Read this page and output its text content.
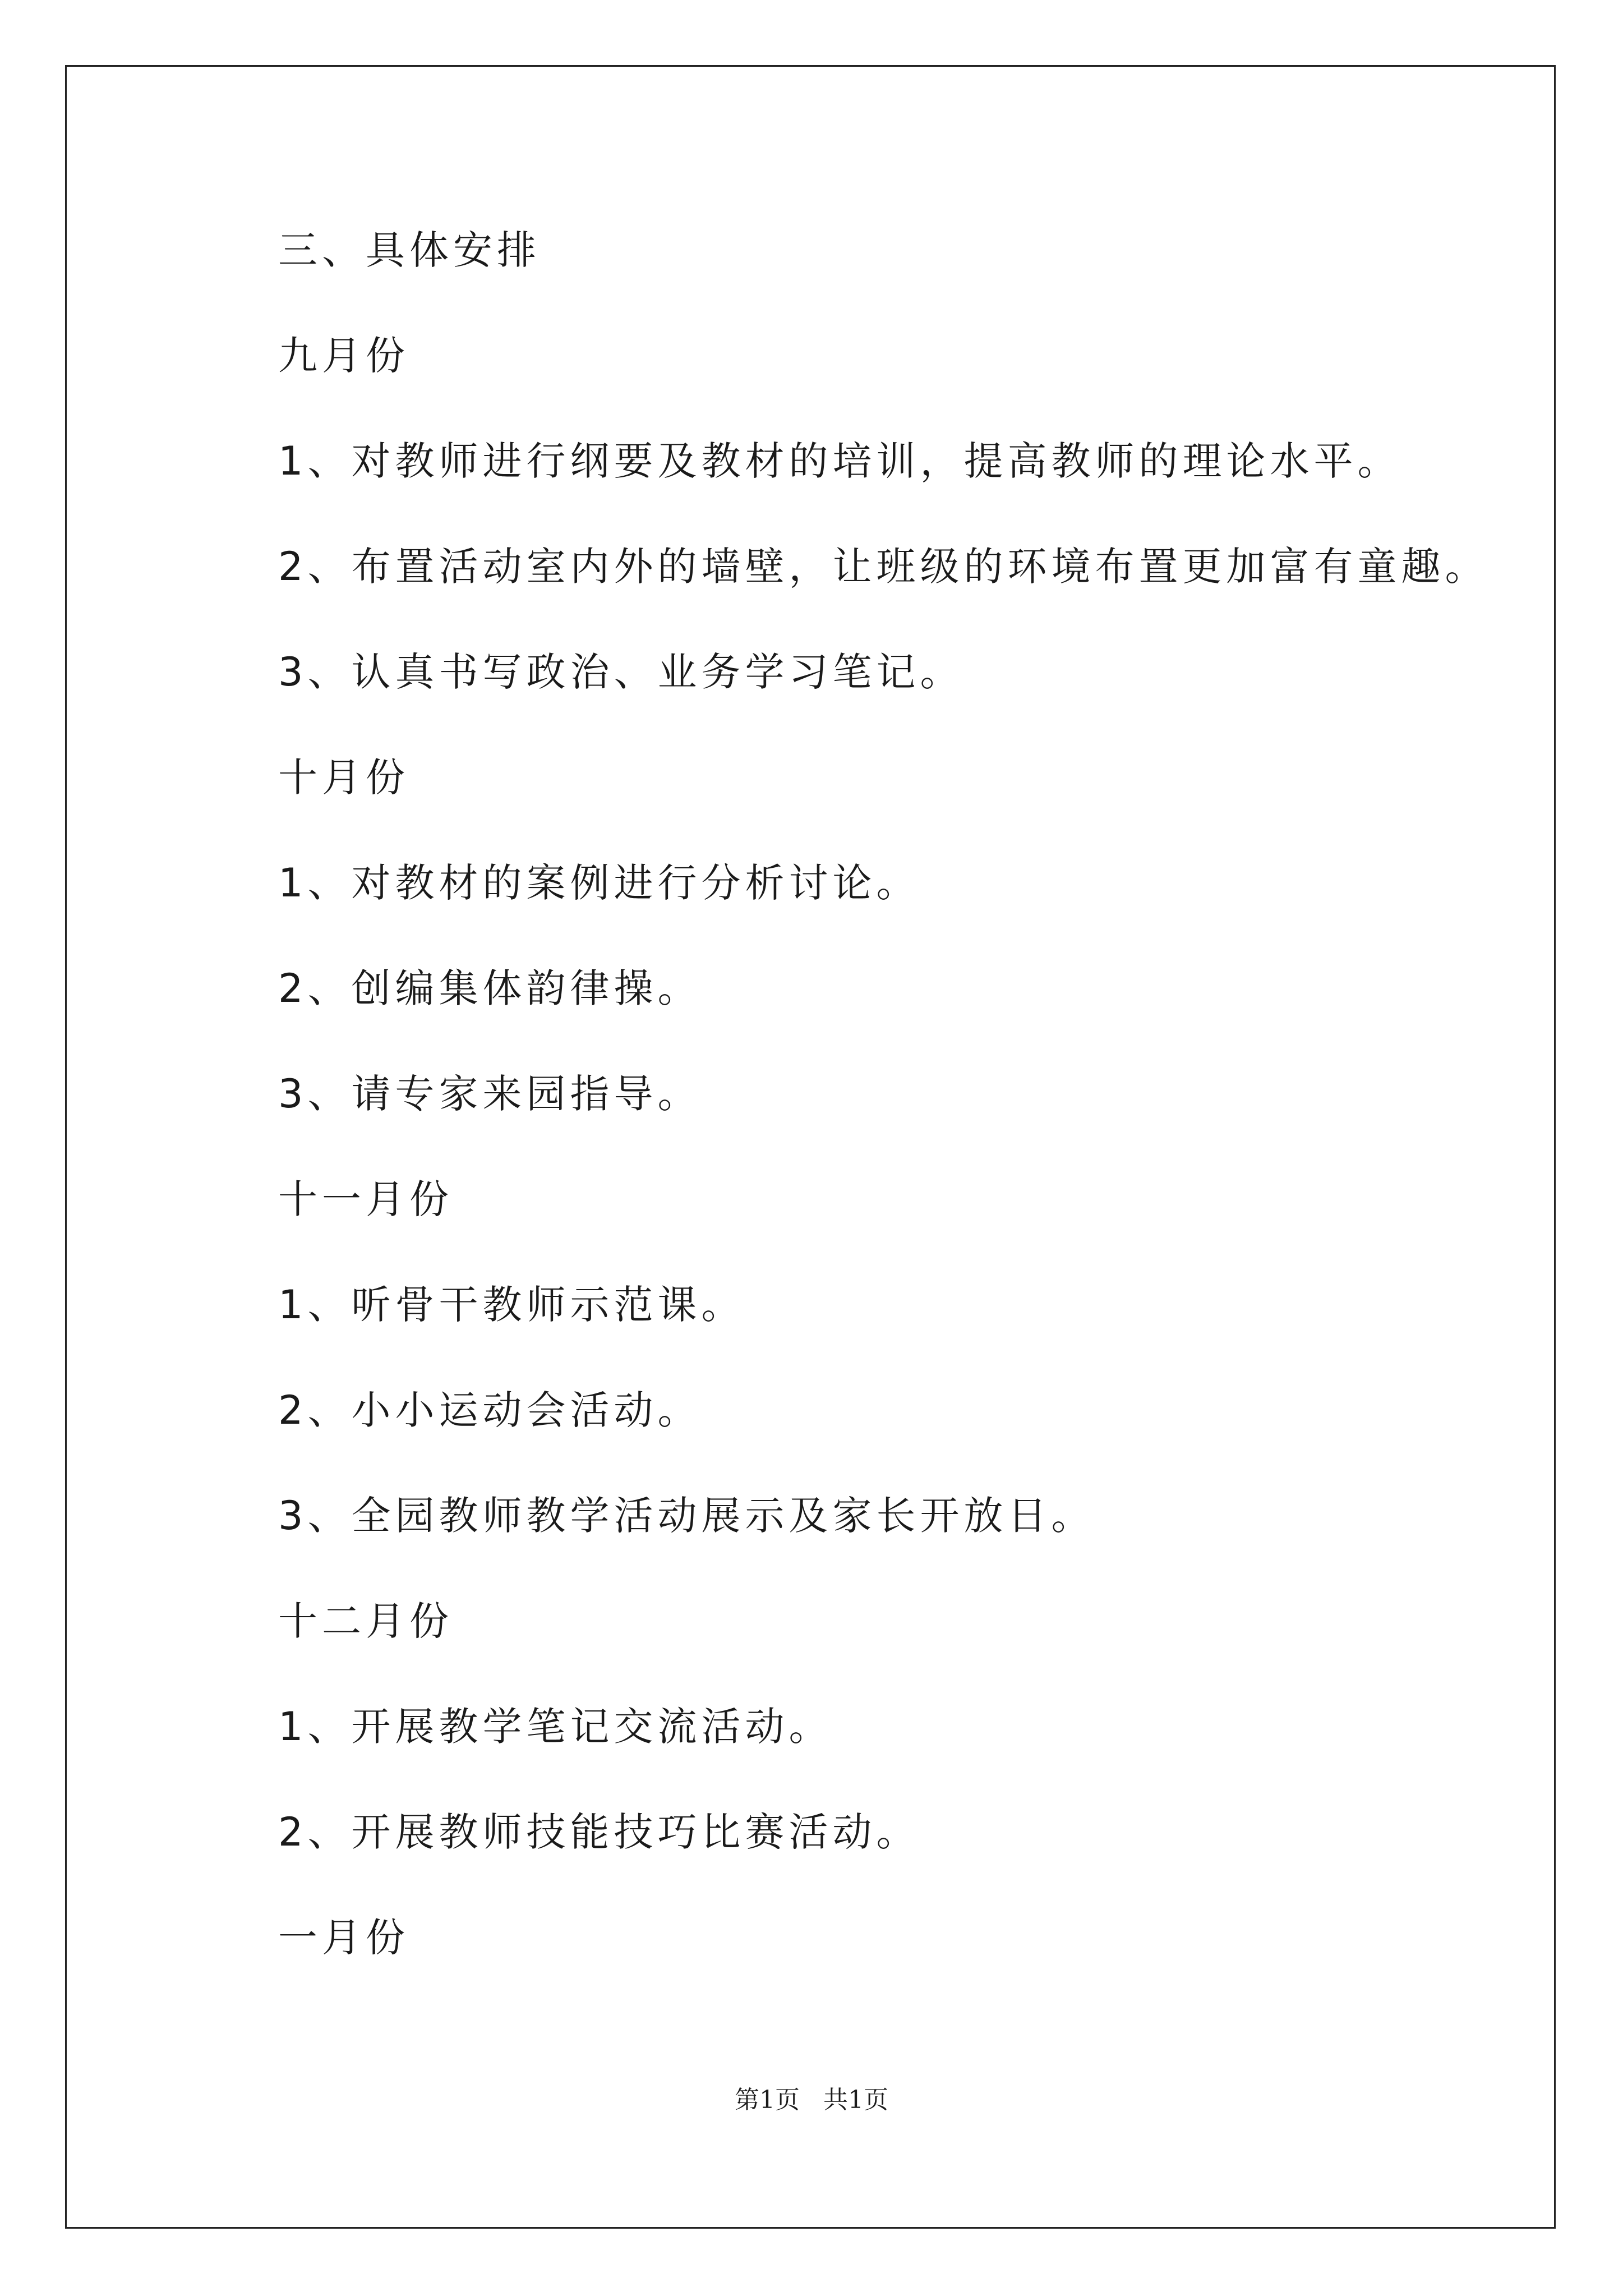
三、具体安排
九月份
1、对教师进行纲要及教材的培训，提高教师的理论水平。
2、布置活动室内外的墙壁，让班级的环境布置更加富有童趣。
3、认真书写政治、业务学习笔记。
十月份
1、对教材的案例进行分析讨论。
2、创编集体韵律操。
3、请专家来园指导。
十一月份
1、听骨干教师示范课。
2、小小运动会活动。
3、全园教师教学活动展示及家长开放日。
十二月份
1、开展教学笔记交流活动。
2、开展教师技能技巧比赛活动。
一月份
第1页   共1页
